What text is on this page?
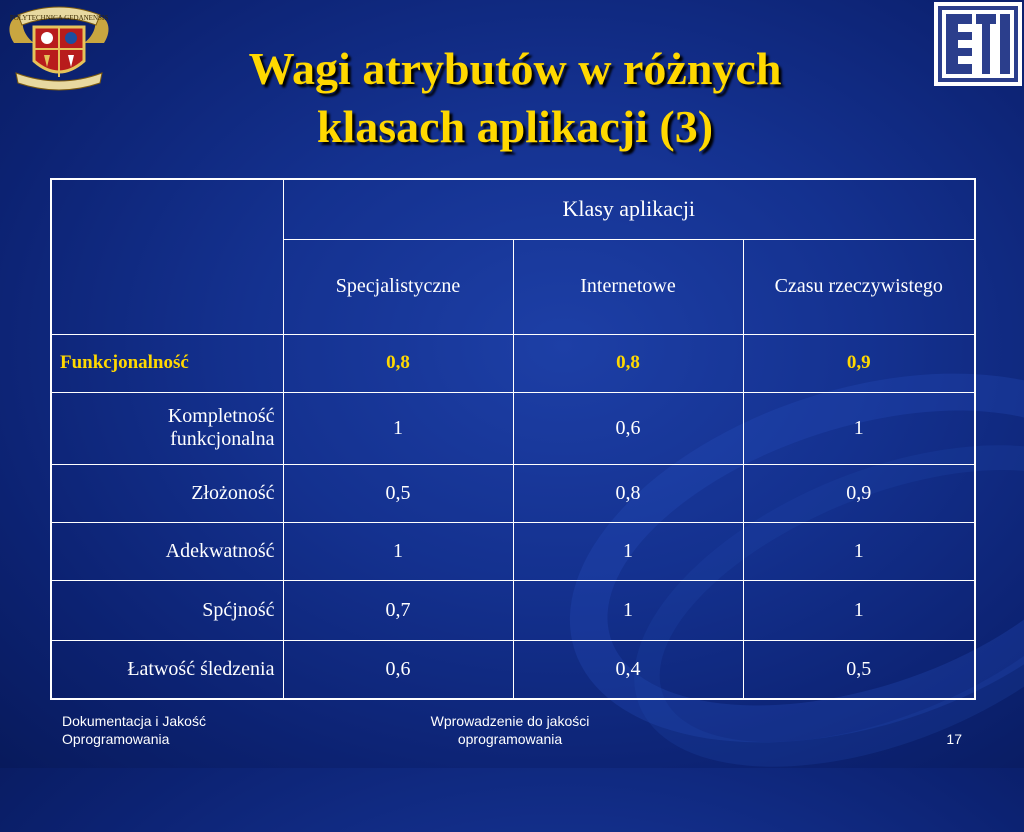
POLYTECHNICA GEDANENSIS
ETI
Wagi atrybutów w różnych
klasach aplikacji (3)
	Klasy aplikacji		
	Specjalistyczne	Internetowe	Czasu rzeczywistego
Funkcjonalność	0,8	0,8	0,9
Kompletność funkcjonalna	1	0,6	1
Złożoność	0,5	0,8	0,9
Adekwatność	1	1	1
Spćjność	0,7	1	1
Łatwość śledzenia	0,6	0,4	0,5
Dokumentacja i Jakość
Oprogramowania
Wprowadzenie do jakości
oprogramowania	17
